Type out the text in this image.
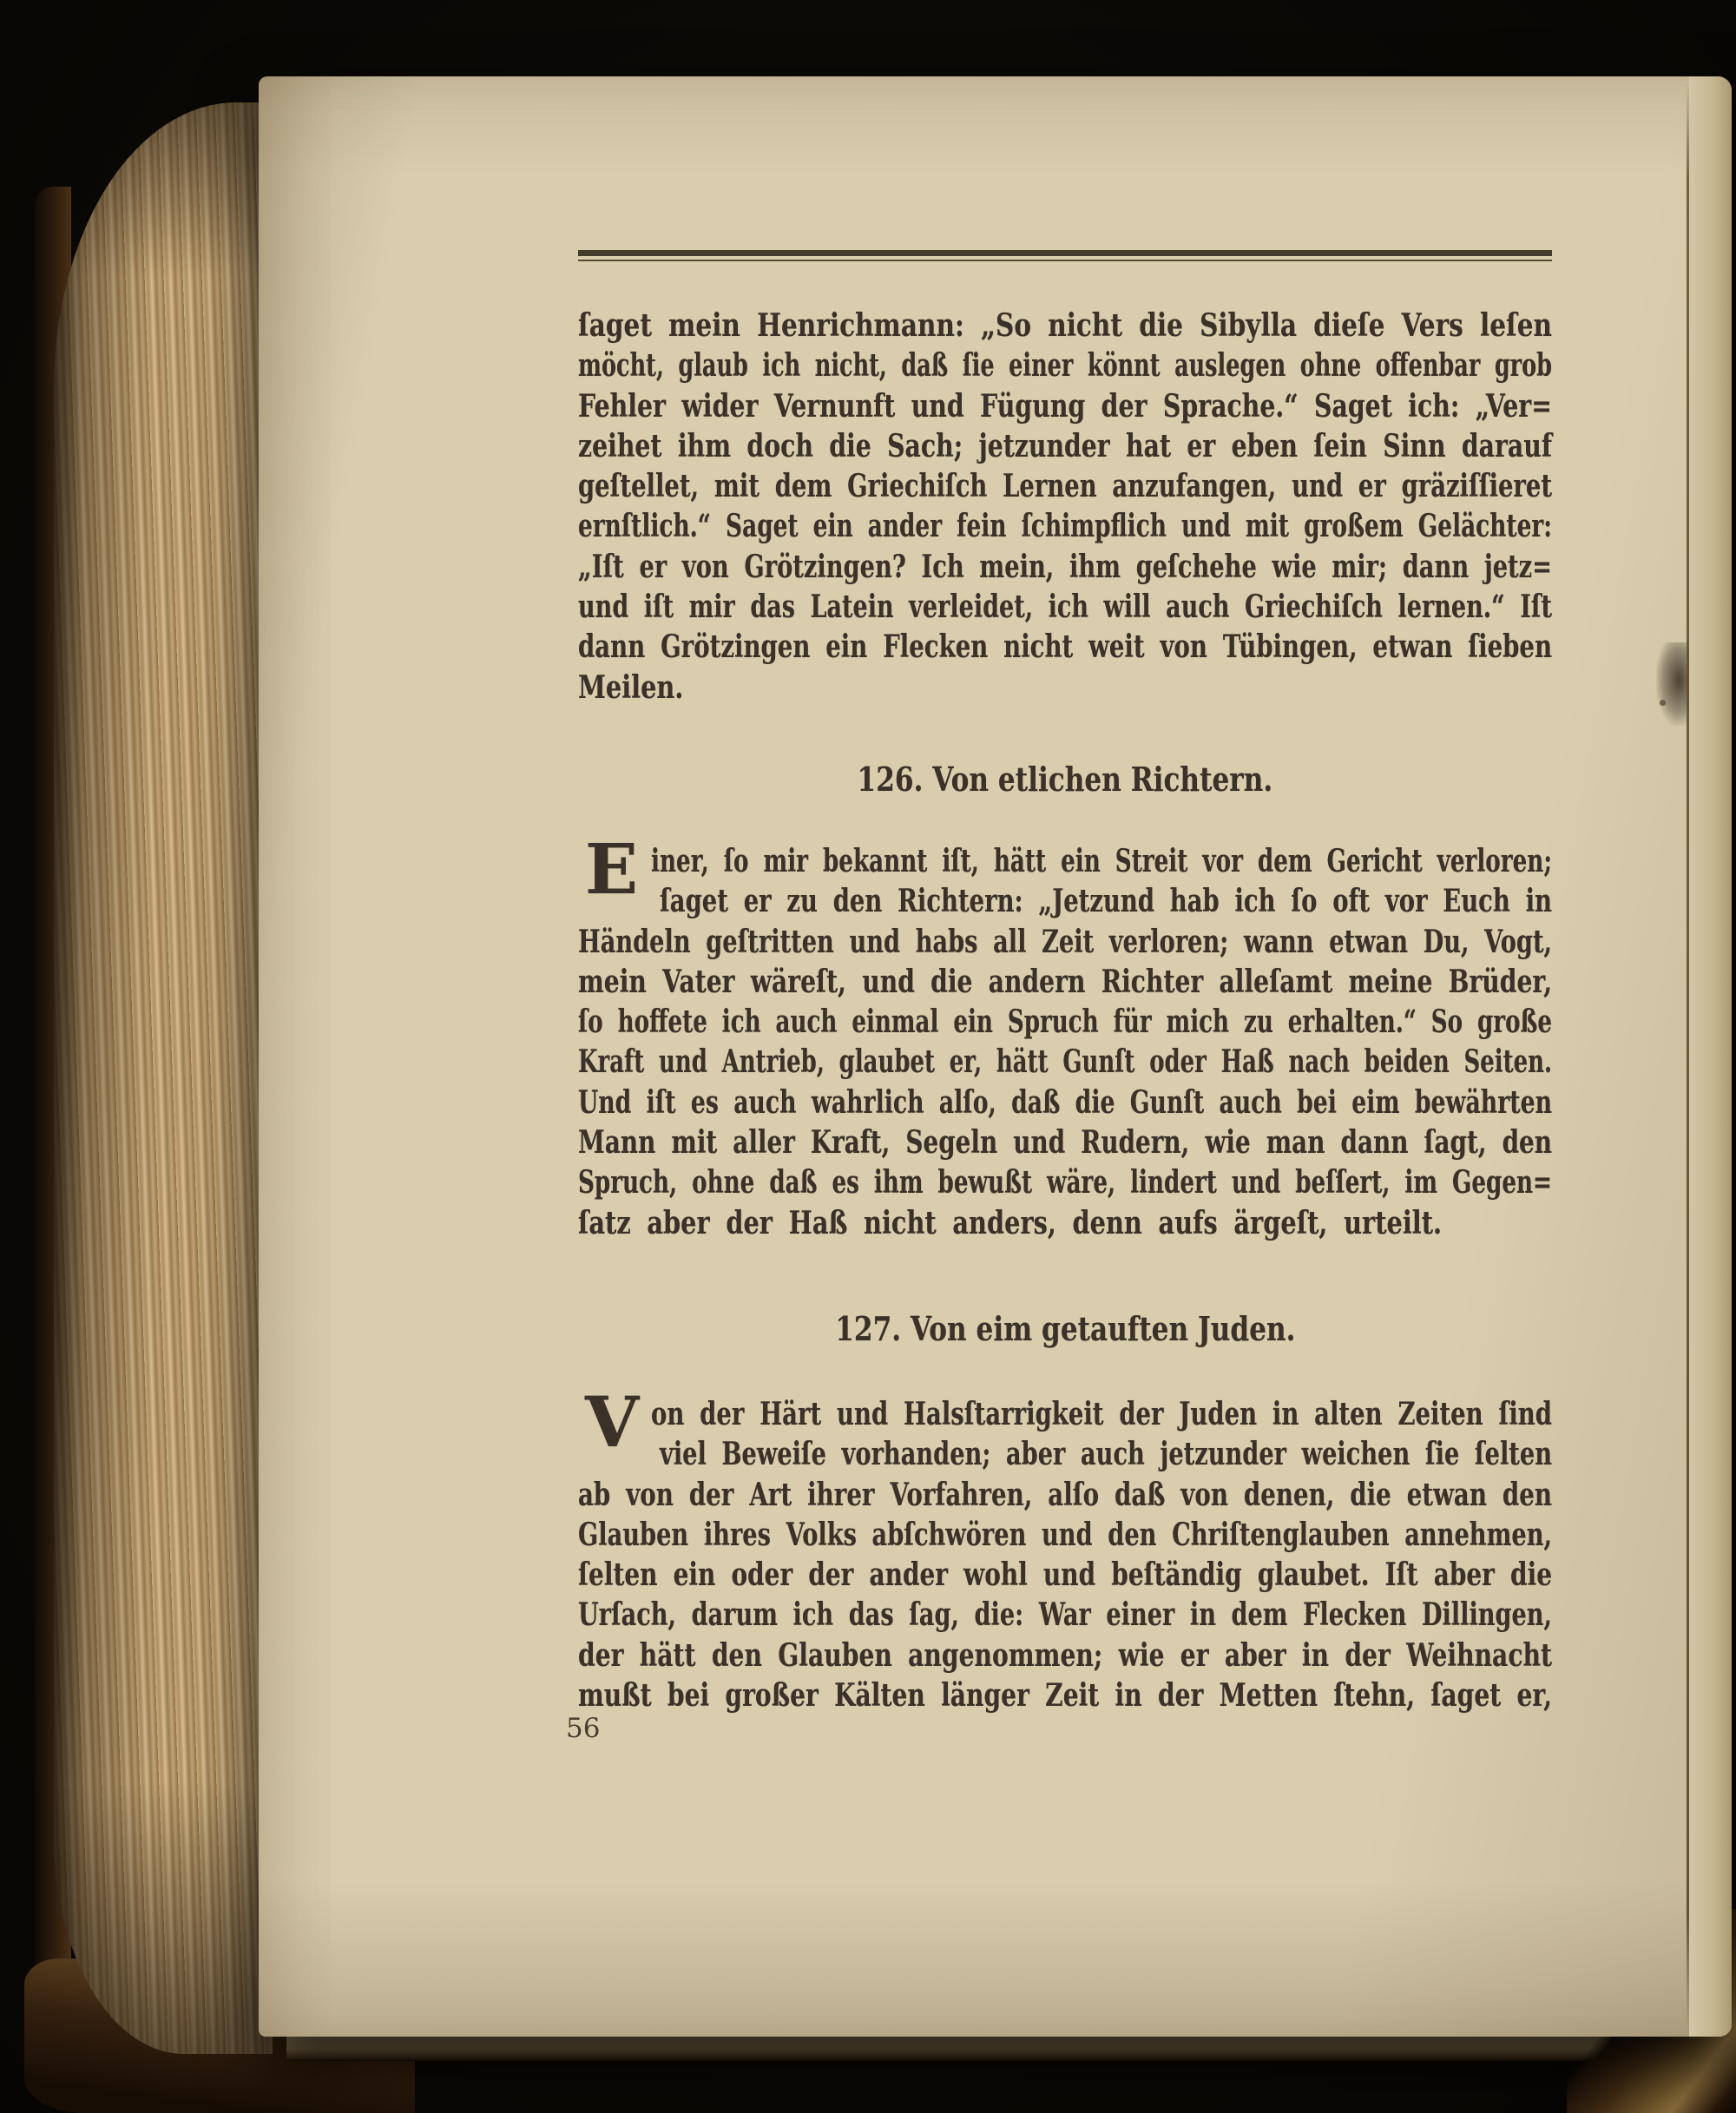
ſaget mein Henrichmann: „So nicht die Sibylla dieſe Vers leſen
möcht, glaub ich nicht, daß ſie einer könnt auslegen ohne offenbar grob
Fehler wider Vernunft und Fügung der Sprache.“ Saget ich: „Ver=
zeihet ihm doch die Sach; jetzunder hat er eben ſein Sinn darauf
geſtellet, mit dem Griechiſch Lernen anzufangen, und er gräziſſieret
ernſtlich.“ Saget ein ander fein ſchimpflich und mit großem Gelächter:
„Iſt er von Grötzingen? Ich mein, ihm geſchehe wie mir; dann jetz=
und iſt mir das Latein verleidet, ich will auch Griechiſch lernen.“ Iſt
dann Grötzingen ein Flecken nicht weit von Tübingen, etwan ſieben
Meilen.
126. Von etlichen Richtern.
E iner, ſo mir bekannt iſt, hätt ein Streit vor dem Gericht verloren;
ſaget er zu den Richtern: „Jetzund hab ich ſo oft vor Euch in
Händeln geſtritten und habs all Zeit verloren; wann etwan Du, Vogt,
mein Vater wäreſt, und die andern Richter alleſamt meine Brüder,
ſo hoffete ich auch einmal ein Spruch für mich zu erhalten.“ So große
Kraft und Antrieb, glaubet er, hätt Gunſt oder Haß nach beiden Seiten.
Und iſt es auch wahrlich alſo, daß die Gunſt auch bei eim bewährten
Mann mit aller Kraft, Segeln und Rudern, wie man dann ſagt, den
Spruch, ohne daß es ihm bewußt wäre, lindert und beſſert, im Gegen=
ſatz aber der Haß nicht anders, denn aufs ärgeſt, urteilt.
127. Von eim getauften Juden.
V on der Härt und Halsſtarrigkeit der Juden in alten Zeiten ſind
viel Beweiſe vorhanden; aber auch jetzunder weichen ſie ſelten
ab von der Art ihrer Vorfahren, alſo daß von denen, die etwan den
Glauben ihres Volks abſchwören und den Chriſtenglauben annehmen,
ſelten ein oder der ander wohl und beſtändig glaubet. Iſt aber die
Urſach, darum ich das ſag, die: War einer in dem Flecken Dillingen,
der hätt den Glauben angenommen; wie er aber in der Weihnacht
mußt bei großer Kälten länger Zeit in der Metten ſtehn, ſaget er,
56
